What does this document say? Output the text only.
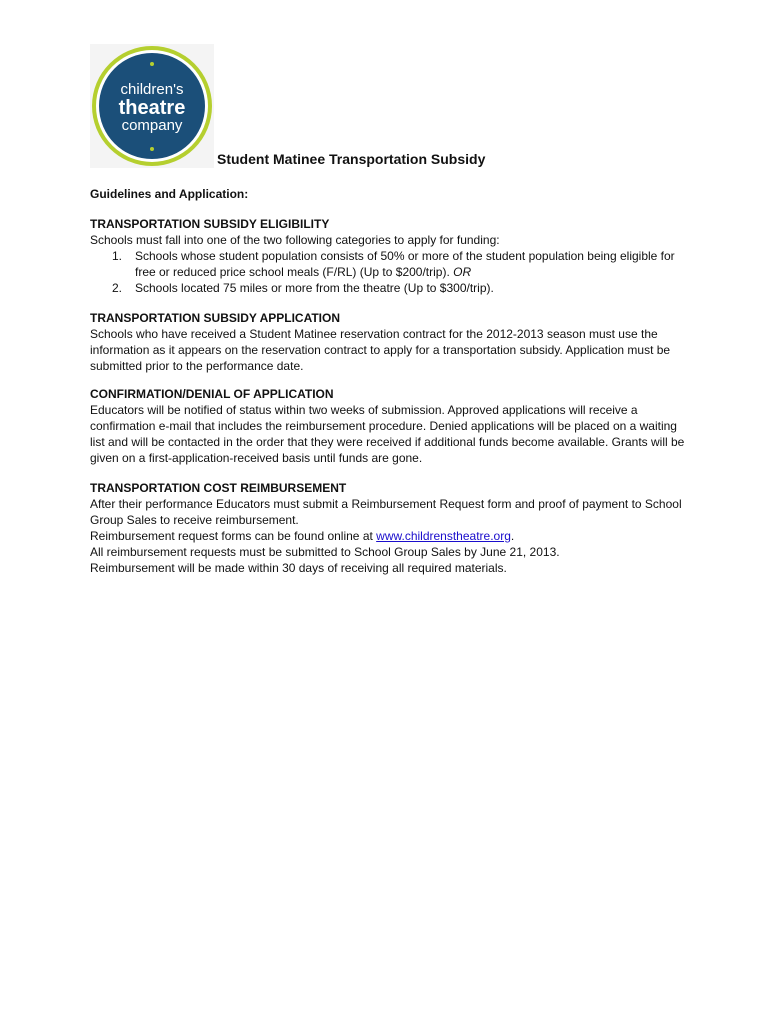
children's
theatre
company
Student Matinee Transportation Subsidy

Guidelines and Application:

TRANSPORTATION SUBSIDY ELIGIBILITY

Schools must fall into one of the two following categories to apply for funding:

1. Schools whose student population consists of 50% or more of the student population being eligible for free or reduced price school meals (F/RL) (Up to $200/trip). OR
2. Schools located 75 miles or more from the theatre (Up to $300/trip).

TRANSPORTATION SUBSIDY APPLICATION

Schools who have received a Student Matinee reservation contract for the 2012-2013 season must use the information as it appears on the reservation contract to apply for a transportation subsidy. Application must be submitted prior to the performance date.

CONFIRMATION/DENIAL OF APPLICATION

Educators will be notified of status within two weeks of submission. Approved applications will receive a confirmation e-mail that includes the reimbursement procedure. Denied applications will be placed on a waiting list and will be contacted in the order that they were received if additional funds become available. Grants will be given on a first-application-received basis until funds are gone.

TRANSPORTATION COST REIMBURSEMENT

After their performance Educators must submit a Reimbursement Request form and proof of payment to School Group Sales to receive reimbursement.

Reimbursement request forms can be found online at www.childrenstheatre.org.

All reimbursement requests must be submitted to School Group Sales by June 21, 2013.

Reimbursement will be made within 30 days of receiving all required materials.
